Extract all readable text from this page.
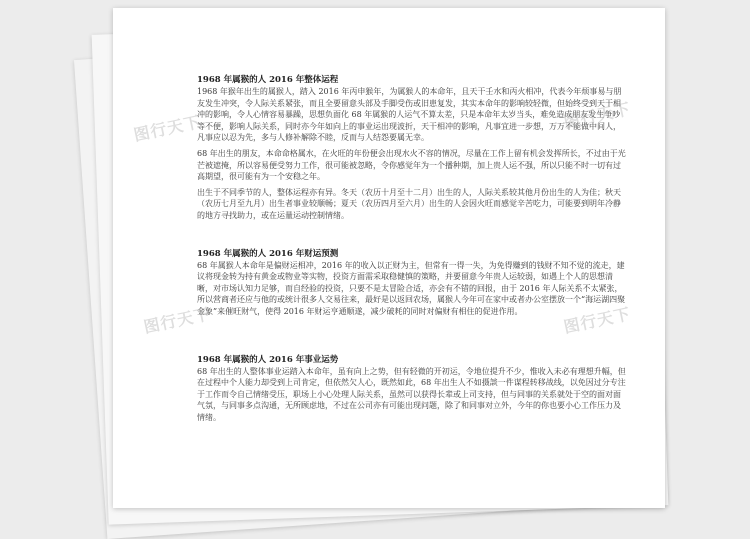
1968 年属猴的人 2016 年整体运程

1968 年猴年出生的属猴人，踏入 2016 年丙申猴年，为属猴人的本命年，且天干壬水和丙火相冲，代表今年烦事易与朋友发生冲突，令人际关系紧张，而且全要留意头部及手脚受伤或旧患复发，其实本命年的影响较轻微，但始终受到天干相冲的影响，令人心情容易暴躁，思想负面化 68 年属猴的人运气不算太差，只是本命年太岁当头，难免造成朋友发生争吵等不便，影响人际关系，同时亦今年如向上的事业运出现波折，天干相冲的影响，凡事宜进一步想，万万不能做中间人，凡事应以忍为先，多与人修补解除不睦，反而与人结怨要属无幸。

68 年出生的朋友，本命命格属水，在火旺的年份便会出现水火不容的情况，尽量在工作上留有机会发挥所长，不过由于光芒被遮掩，所以容易便受努力工作，很可能被忽略，令你感觉年为一个播种期，加上贵人运不强，所以只能不时一切有过高期望，很可能有为一个安稳之年。

出生于不同季节的人，整体运程亦有异。冬天（农历十月至十二月）出生的人，人际关系较其他月份出生的人为佳；秋天（农历七月至九月）出生者事业较顺畅；夏天（农历四月至六月）出生的人会因火旺而感觉辛苦吃力，可能要到明年冷静的地方寻找助力，或在运量运动控制情绪。

1968 年属猴的人 2016 年财运预测

68 年属猴人本命年是偏财运相冲，2016 年的收入以正财为主，但常有一得一失，为免得赚到的钱财不知不觉的流走，建议将现金转为持有黄金或物业等实物，投资方面需采取稳健慎的策略，并要留意今年贵人运较弱，如遇上个人的思想清晰，对市场认知力足够，而自经验的投资，只要不是太冒险合适，亦会有不错的回报，由于 2016 年人际关系不太紧张，所以营商者还应与他的或统计很多人交易往来，最好是以返回农场，属猴人今年可在家中或者办公室摆放一个“海运湖四聚金象”来催旺财气，使得 2016 年财运亨通顺遂，减少破耗的同时对偏财有相住的促进作用。

1968 年属猴的人 2016 年事业运势

68 年出生的人整体事业运踏入本命年，虽有向上之势，但有轻微的开初运，令地位提升不少，惟收入未必有理想升幅，但在过程中个人能力却受到上司肯定，但依然欠人心，既然如此，68 年出生人不如摄談一件谋程转移战线，以免因过分专注于工作而令自己情绪受压，职场上小心处理人际关系，虽然可以获得长辈或上司支持，但与同事的关系就处于空的面对面气氛，与同事多点沟通，无所顾虑地，不过在公司亦有可能出现问题，除了和同事对立外，今年的你也要小心工作压力及情绪。

图行天下	图行天下
图行天下	图行天下
